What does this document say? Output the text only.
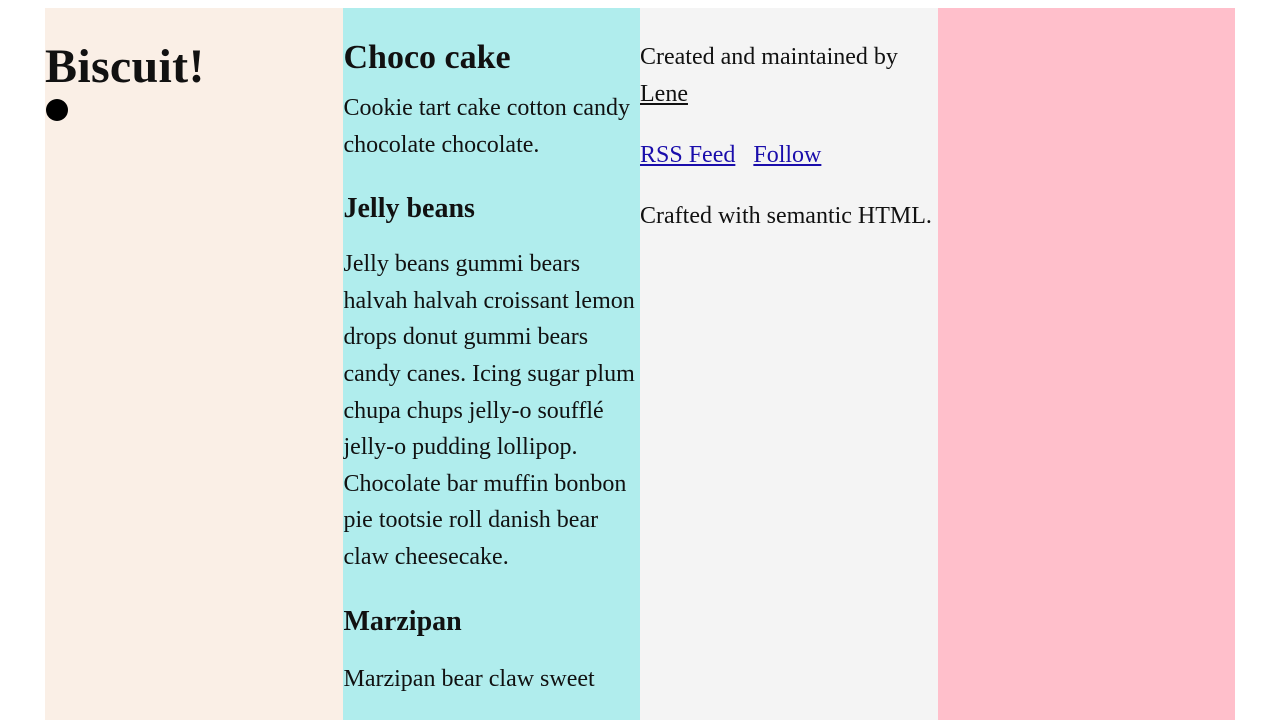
Biscuit!	Choco cake

Cookie tart cake cotton candy chocolate chocolate.

Jelly beans

Jelly beans gummi bears halvah halvah croissant lemon drops donut gummi bears candy canes. Icing sugar plum chupa chups jelly-o soufflé jelly-o pudding lollipop. Chocolate bar muffin bonbon pie tootsie roll danish bear claw cheesecake.

Marzipan

Marzipan bear claw sweet

Created and maintained by Lene

RSS Feed Follow

Crafted with semantic HTML.
